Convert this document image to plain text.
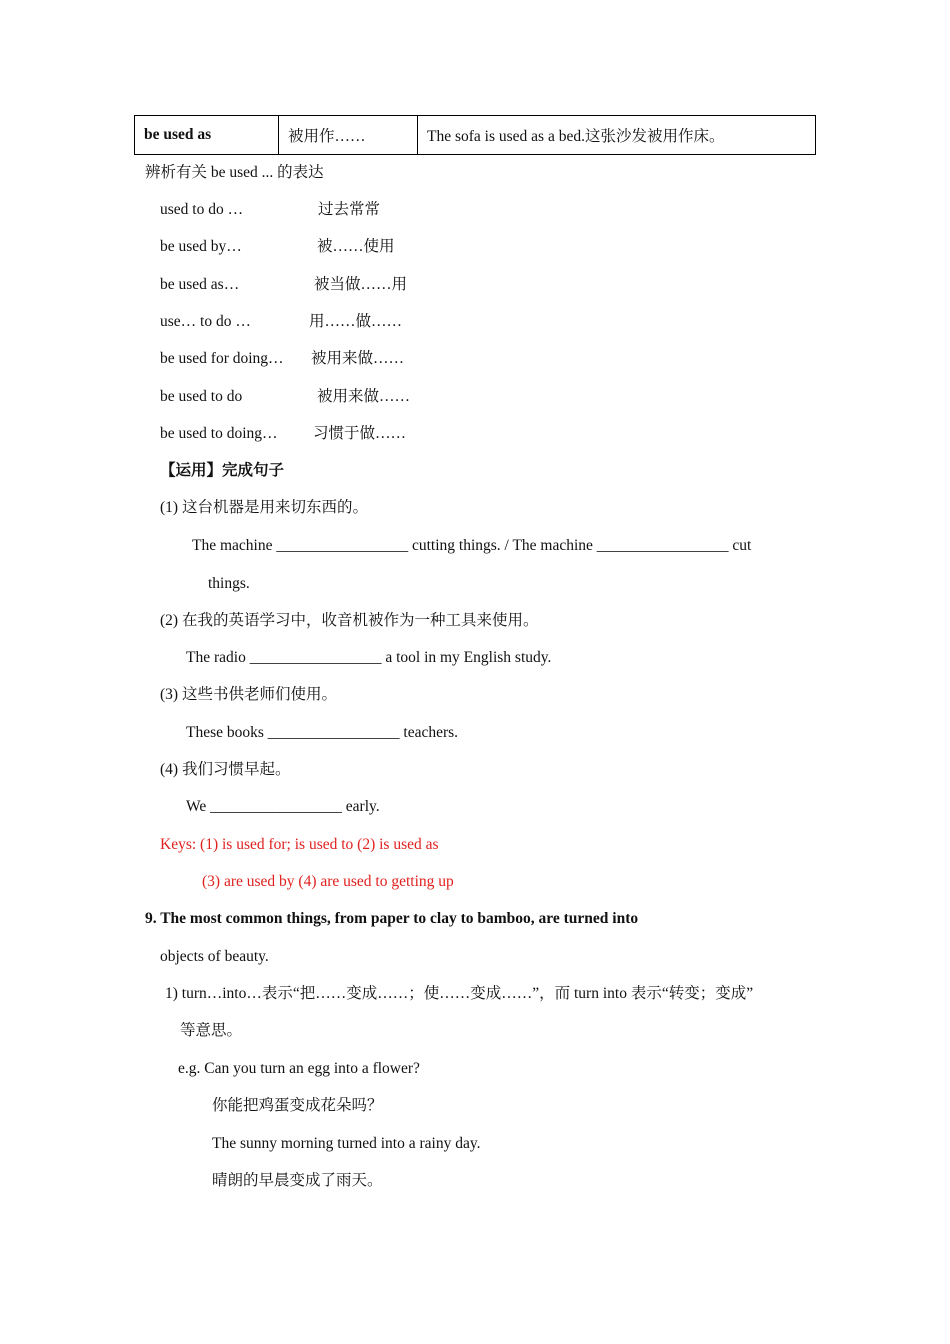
be used as	被用作……	The sofa is used as a bed.这张沙发被用作床。
辨析有关 be used ... 的表达
used to do …	过去常常
be used by…	被……使用
be used as…	被当做……用
use… to do …	用……做……
be used for doing… 被用来做……
be used to do	被用来做……
be used to doing… 习惯于做……
【运用】完成句子
(1) 这台机器是用来切东西的。
The machine _________________ cutting things. / The machine _________________ cut
things.
(2) 在我的英语学习中，收音机被作为一种工具来使用。
The radio _________________ a tool in my English study.
(3) 这些书供老师们使用。
These books _________________ teachers.
(4) 我们习惯早起。
We _________________ early.
Keys: (1) is used for; is used to (2) is used as
(3) are used by (4) are used to getting up
9. The most common things, from paper to clay to bamboo, are turned into
objects of beauty.
1) turn…into…表示“把……变成……；使……变成……”，而 turn into 表示“转变；变成”
等意思。
e.g. Can you turn an egg into a flower?
你能把鸡蛋变成花朵吗？
The sunny morning turned into a rainy day.
晴朗的早晨变成了雨天。
